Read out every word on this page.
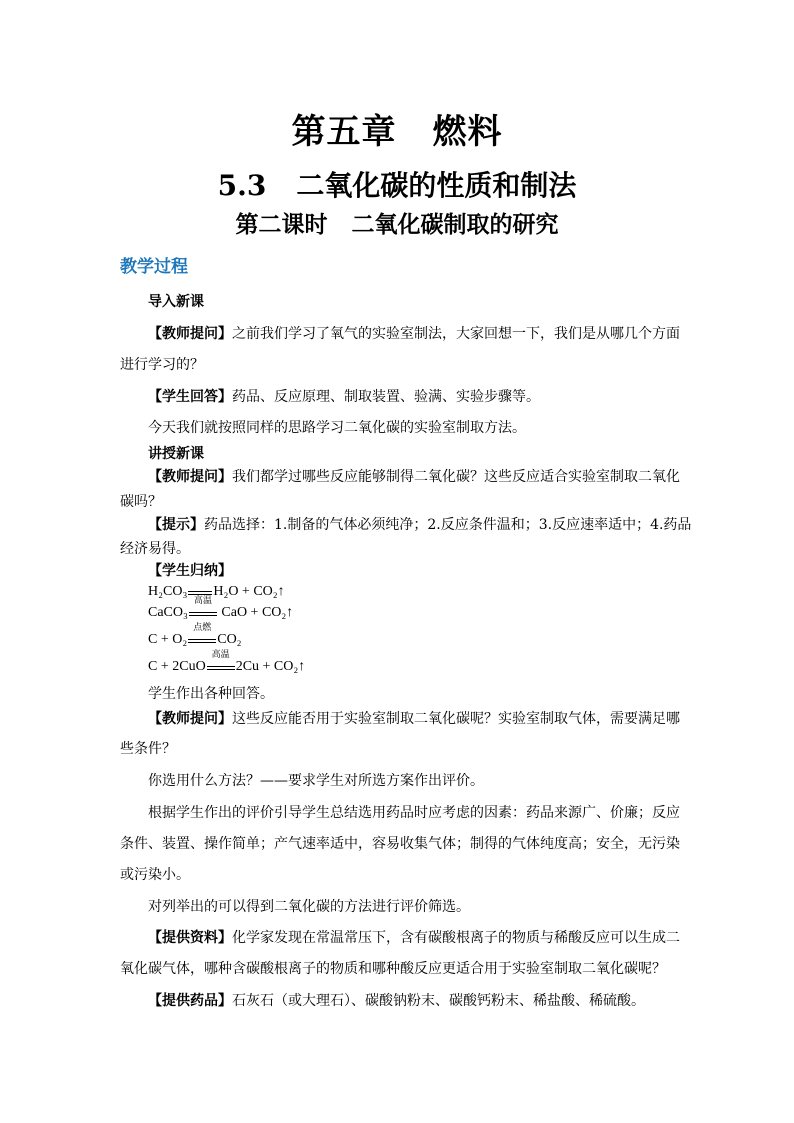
第五章 燃料
5.3 二氧化碳的性质和制法
第二课时 二氧化碳制取的研究
教学过程
导入新课
【教师提问】之前我们学习了氧气的实验室制法，大家回想一下，我们是从哪几个方面
进行学习的？
【学生回答】药品、反应原理、制取装置、验满、实验步骤等。
今天我们就按照同样的思路学习二氧化碳的实验室制取方法。
讲授新课
【教师提问】我们都学过哪些反应能够制得二氧化碳？这些反应适合实验室制取二氧化
碳吗？
【提示】药品选择：1.制备的气体必须纯净；2.反应条件温和；3.反应速率适中；4.药品
经济易得。
【学生归纳】
H₂CO₃ H₂O + CO₂↑
CaCO₃
高温
CaO + CO₂↑
C + O₂
点燃
CO₂
C + 2CuO
高温
2Cu + CO₂↑
学生作出各种回答。
【教师提问】这些反应能否用于实验室制取二氧化碳呢？实验室制取气体，需要满足哪
些条件？
你选用什么方法？——要求学生对所选方案作出评价。
根据学生作出的评价引导学生总结选用药品时应考虑的因素：药品来源广、价廉；反应
条件、装置、操作简单；产气速率适中，容易收集气体；制得的气体纯度高；安全，无污染
或污染小。
对列举出的可以得到二氧化碳的方法进行评价筛选。
【提供资料】化学家发现在常温常压下，含有碳酸根离子的物质与稀酸反应可以生成二
氧化碳气体，哪种含碳酸根离子的物质和哪种酸反应更适合用于实验室制取二氧化碳呢？
【提供药品】石灰石（或大理石）、碳酸钠粉末、碳酸钙粉末、稀盐酸、稀硫酸。
